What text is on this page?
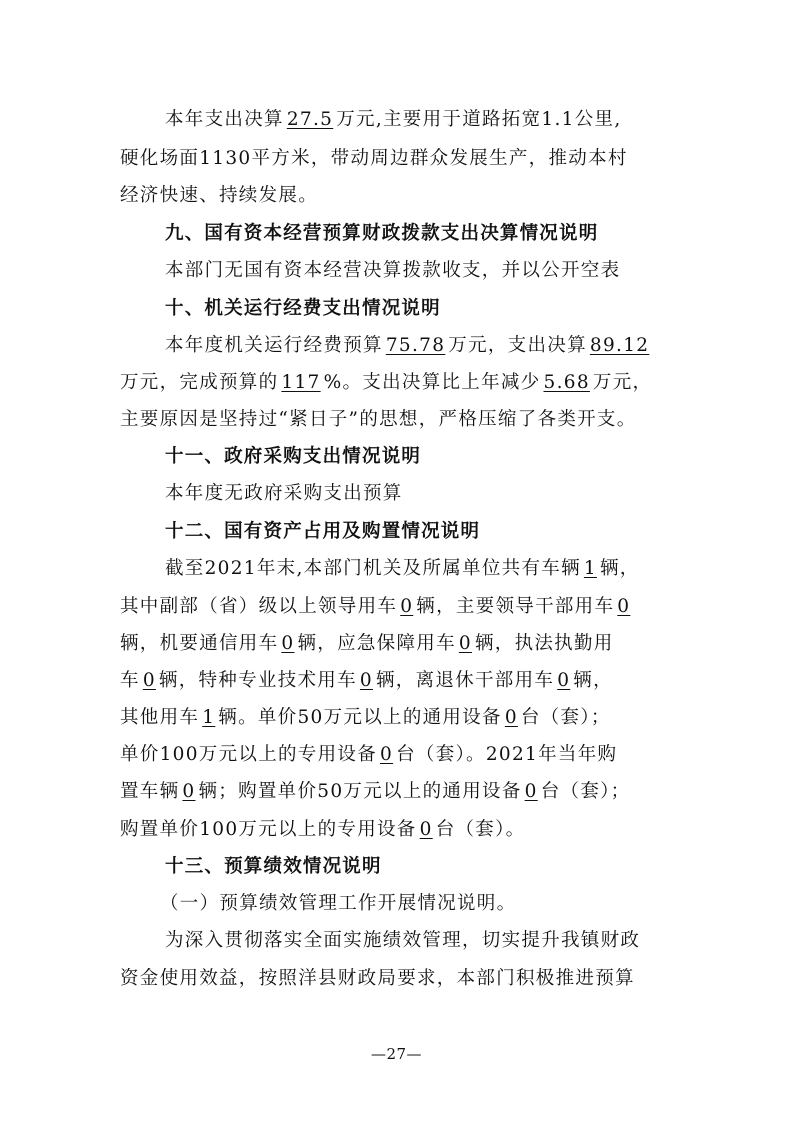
本年支出决算 27.5 万元,主要用于道路拓宽1.1公里,
硬化场面1130平方米，带动周边群众发展生产，推动本村
经济快速、持续发展。
九、国有资本经营预算财政拨款支出决算情况说明
本部门无国有资本经营决算拨款收支，并以公开空表
十、机关运行经费支出情况说明
本年度机关运行经费预算 75.78 万元，支出决算 89.12
万元，完成预算的 117 %。支出决算比上年减少 5.68 万元，
主要原因是坚持过“紧日子”的思想，严格压缩了各类开支。
十一、政府采购支出情况说明
本年度无政府采购支出预算
十二、国有资产占用及购置情况说明
截至2021年末,本部门机关及所属单位共有车辆 1 辆，
其中副部（省）级以上领导用车 0 辆，主要领导干部用车 0
辆，机要通信用车 0 辆，应急保障用车 0 辆，执法执勤用
车 0 辆，特种专业技术用车 0 辆，离退休干部用车 0 辆，
其他用车 1 辆。单价50万元以上的通用设备 0 台（套）；
单价100万元以上的专用设备 0 台（套）。2021年当年购
置车辆 0 辆；购置单价50万元以上的通用设备 0 台（套）；
购置单价100万元以上的专用设备 0 台（套）。
十三、预算绩效情况说明
（一）预算绩效管理工作开展情况说明。
为深入贯彻落实全面实施绩效管理，切实提升我镇财政
资金使用效益，按照洋县财政局要求，本部门积极推进预算
—27—
